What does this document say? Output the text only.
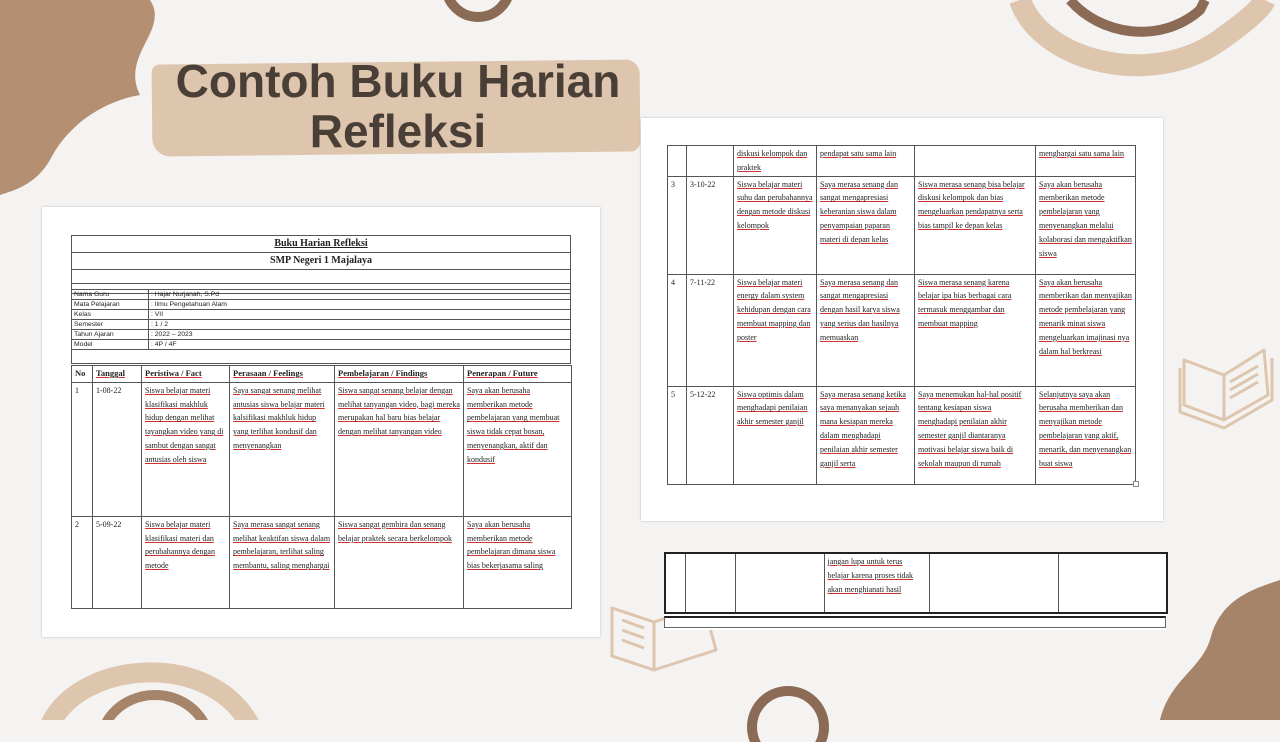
Contoh Buku Harian
Refleksi
Buku Harian Refleksi
SMP Negeri 1 Majalaya

Nama Guru	: Hajar Nurjanah, S.Pd
Mata Pelajaran	: Ilmu Pengetahuan Alam
Kelas	: VII
Semester	: 1 / 2
Tahun Ajaran	: 2022 – 2023
Model	: 4P / 4F

No	Tanggal	Peristiwa / Fact	Perasaan / Feelings	Pembelajaran / Findings	Penerapan / Future
1	1-08-22	Siswa belajar materi klasifikasi makhluk hidup dengan melihat tayangkan video yang di sambut dengan sangat antusias oleh siswa	Saya sangat senang melihat antusias siswa belajar materi kalsifikasi makhluk hidup yang terlihat kondusif dan menyenangkan	Siswa sangat senang belajar dengan melihat tanyangan video, bagi mereka merupakan hal baru bias belajar dengan melihat tanyangan video	Saya akan berusaha memberikan metode pembelajaran yang membuat siswa tidak cepat bosan, menyenangkan, aktif dan kondusif
2	5-09-22	Siswa belajar materi klasifikasi materi dan perubahannya dengan metode	Saya merasa sangat senang melihat keaktifan siswa dalam pembelajaran, terlihat saling membantu, saling menghargai	Siswa sangat gembira dan senang belajar praktek secara berkelompok	Saya akan berusaha memberikan metode pembelajaran dimana siswa bias bekerjasama saling
		diskusi kelompok dan praktek	pendapat satu sama lain		menghargai satu sama lain
3	3-10-22	Siswa belajar materi suhu dan perubahannya dengan metode diskusi kelompok	Saya merasa senang dan sangat mengapresiasi keberanian siswa dalam penyampaian paparan materi di depan kelas	Siswa merasa senang bisa belajar diskusi kelompok dan bias mengeluarkan pendapatnya serta bias tampil ke depan kelas	Saya akan berusaha memberikan metode pembelajaran yang menyenangkan melalui kolaborasi dan mengaktifkan siswa
4	7-11-22	Siswa belajar materi energy dalam system kehidupan dengan cara membuat mapping dan poster	Saya merasa senang dan sangat mengapresiasi dengan hasil karya siswa yang serius dan hasilnya memuaskan	Siswa merasa senang karena belajar ipa bias berbagai cara termasuk menggambar dan membuat mapping	Saya akan berusaha memberikan dan menyajikan metode pembelajaran yang menarik minat siswa mengeluarkan imajinasi nya dalam hal berkreasi
5	5-12-22	Siswa optimis dalam menghadapi penilaian akhir semester ganjil	Saya merasa senang ketika saya menanyakan sejauh mana kesiapan mereka dalam menghadapi penilaian akhir semester ganjil serta	Saya menemukan hal-hal positif tentang kesiapan siswa menghadapi penilaian akhir semester ganjil diantaranya motivasi belajar siswa baik di sekolah maupun di rumah	Selanjutnya saya akan berusaha memberikan dan menyajikan metode pembelajaran yang aktif, menarik, dan menyenangkan buat siswa
			jangan lupa untuk terus belajar karena proses tidak akan menghianati hasil		
